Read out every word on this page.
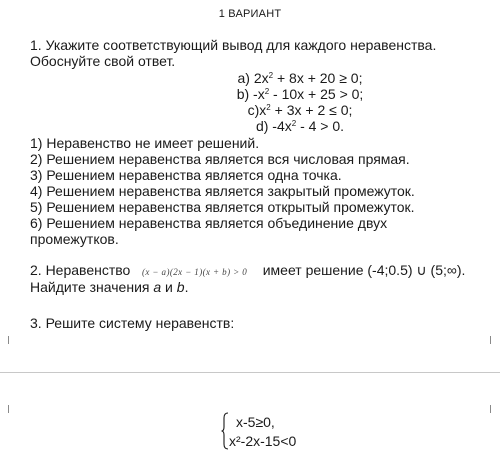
1 ВАРИАНТ
1. Укажите соответствующий вывод для каждого неравенства.
Обоснуйте свой ответ.
а) $2x^2 + 8x + 20 \ge 0$;
b) $-x^2 - 10x + 25 > 0$;
$c)x^2 + 3x + 2 \le 0$;
d) $-4x^2 - 4 > 0$.
1) Неравенство не имеет решений.
2) Решением неравенства является вся числовая прямая.
3) Решением неравенства является одна точка.
4) Решением неравенства является закрытый промежуток.
5) Решением неравенства является открытый промежуток.
6) Решением неравенства является объединение двух
промежутков.
2. Неравенство (x − a)(2x − 1)(x + b) > 0 имеет решение (-4;0.5) ∪ (5;∞).
Найдите значения a и b.
3. Решите систему неравенств:
x-5≥0,
x²-2x-15<0
